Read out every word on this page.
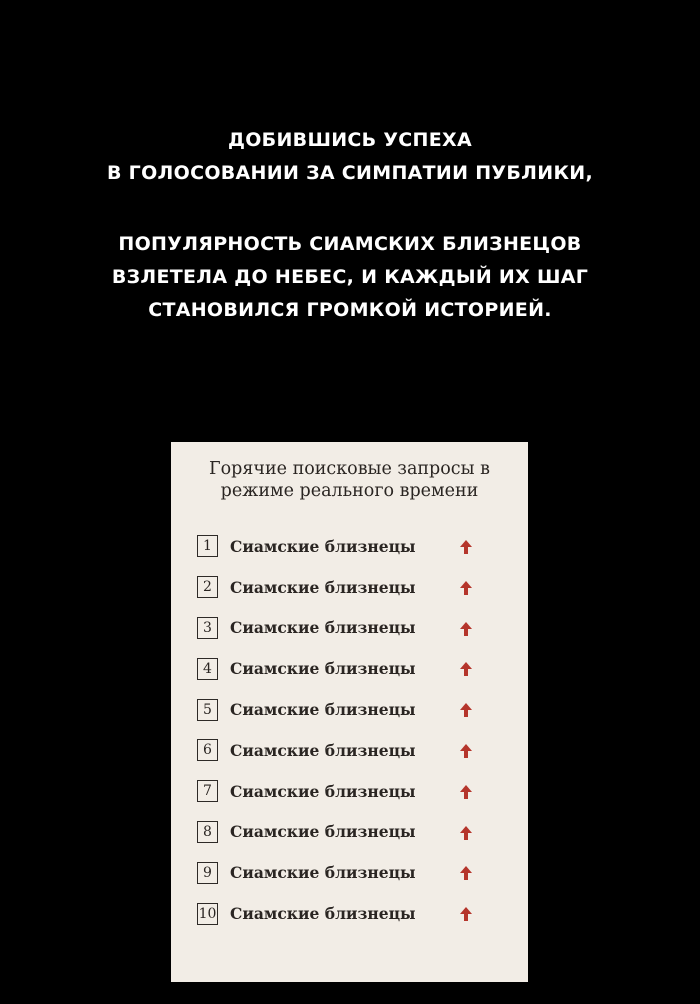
ДОБИВШИСЬ УСПЕХА
В ГОЛОСОВАНИИ ЗА СИМПАТИИ ПУБЛИКИ,
ПОПУЛЯРНОСТЬ СИАМСКИХ БЛИЗНЕЦОВ
ВЗЛЕТЕЛА ДО НЕБЕС, И КАЖДЫЙ ИХ ШАГ
СТАНОВИЛСЯ ГРОМКОЙ ИСТОРИЕЙ.
Горячие поисковые запросы в
режиме реального времени
1	Сиамские близнецы
2	Сиамские близнецы
3	Сиамские близнецы
4	Сиамские близнецы
5	Сиамские близнецы
6	Сиамские близнецы
7	Сиамские близнецы
8	Сиамские близнецы
9	Сиамские близнецы
10 Сиамские близнецы
